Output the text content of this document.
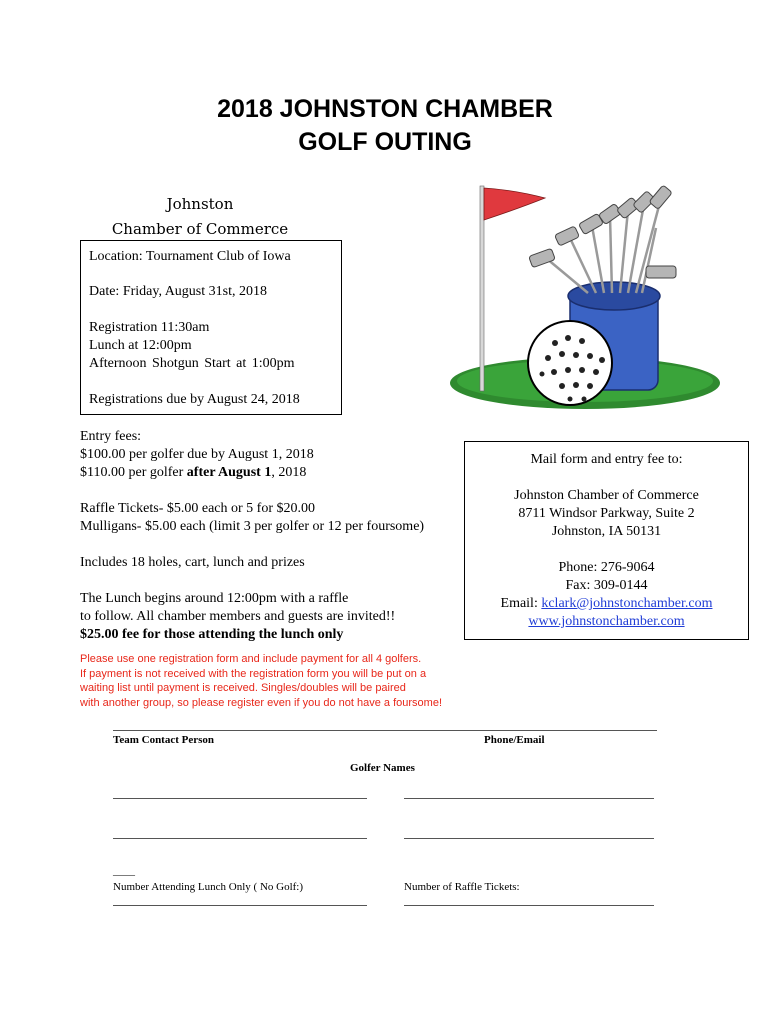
2018 JOHNSTON CHAMBER
GOLF OUTING
Johnston
Chamber of Commerce

Location: Tournament Club of Iowa

Date: Friday, August 31st, 2018

Registration 11:30am

Lunch at 12:00pm

Afternoon Shotgun Start at 1:00pm

Registrations due by August 24, 2018

Entry fees:

$100.00 per golfer due by August 1, 2018

$110.00 per golfer after August 1, 2018

Raffle Tickets- $5.00 each or 5 for $20.00

Mulligans- $5.00 each (limit 3 per golfer or 12 per foursome)

Includes 18 holes, cart, lunch and prizes

The Lunch begins around 12:00pm with a raffle

to follow. All chamber members and guests are invited!!

$25.00 fee for those attending the lunch only

Mail form and entry fee to:

Johnston Chamber of Commerce

8711 Windsor Parkway, Suite 2

Johnston, IA 50131

Phone: 276-9064

Fax: 309-0144

Email: kclark@johnstonchamber.com

www.johnstonchamber.com

Please use one registration form and include payment for all 4 golfers.

If payment is not received with the registration form you will be put on a

waiting list until payment is received. Singles/doubles will be paired

with another group, so please register even if you do not have a foursome!

Team Contact Person	Phone/Email
Golfer Names
____
Number Attending Lunch Only ( No Golf:)	Number of Raffle Tickets:
